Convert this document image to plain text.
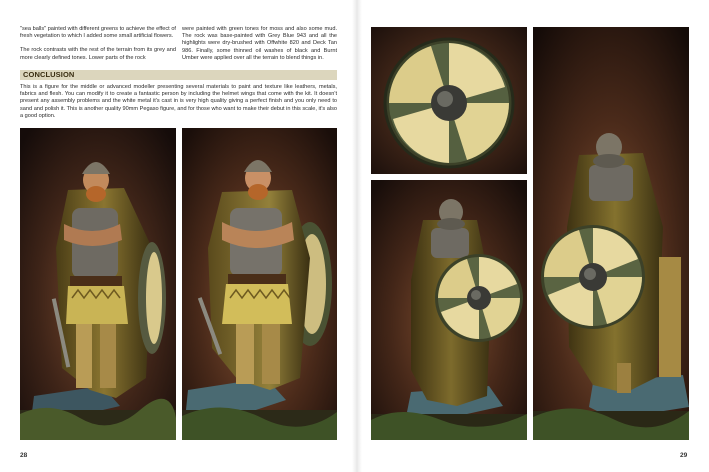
"sea balls" painted with different greens to achieve the effect of fresh vegetation to which I added some small artificial flowers.

The rock contrasts with the rest of the terrain from its grey and more clearly defined tones. Lower parts of the rock

were painted with green tones for moss and also some mud. The rock was base-painted with Grey Blue 943 and all the highlights were dry-brushed with Offwhite 820 and Deck Tan 986. Finally, some thinned oil washes of black and Burnt Umber were applied over all the terrain to blend things in.

CONCLUSION

This is a figure for the middle or advanced modeller presenting several materials to paint and texture like leathers, metals, fabrics and flesh. You can modify it to create a fantastic person by including the helmet wings that come with the kit. It doesn't present any assembly problems and the white metal it's cast in is very high quality giving a perfect finish and you only need to sand and polish it. This is another quality 90mm Pegaso figure, and for those who want to make their debut in this scale, it's also a good option.

28	29
